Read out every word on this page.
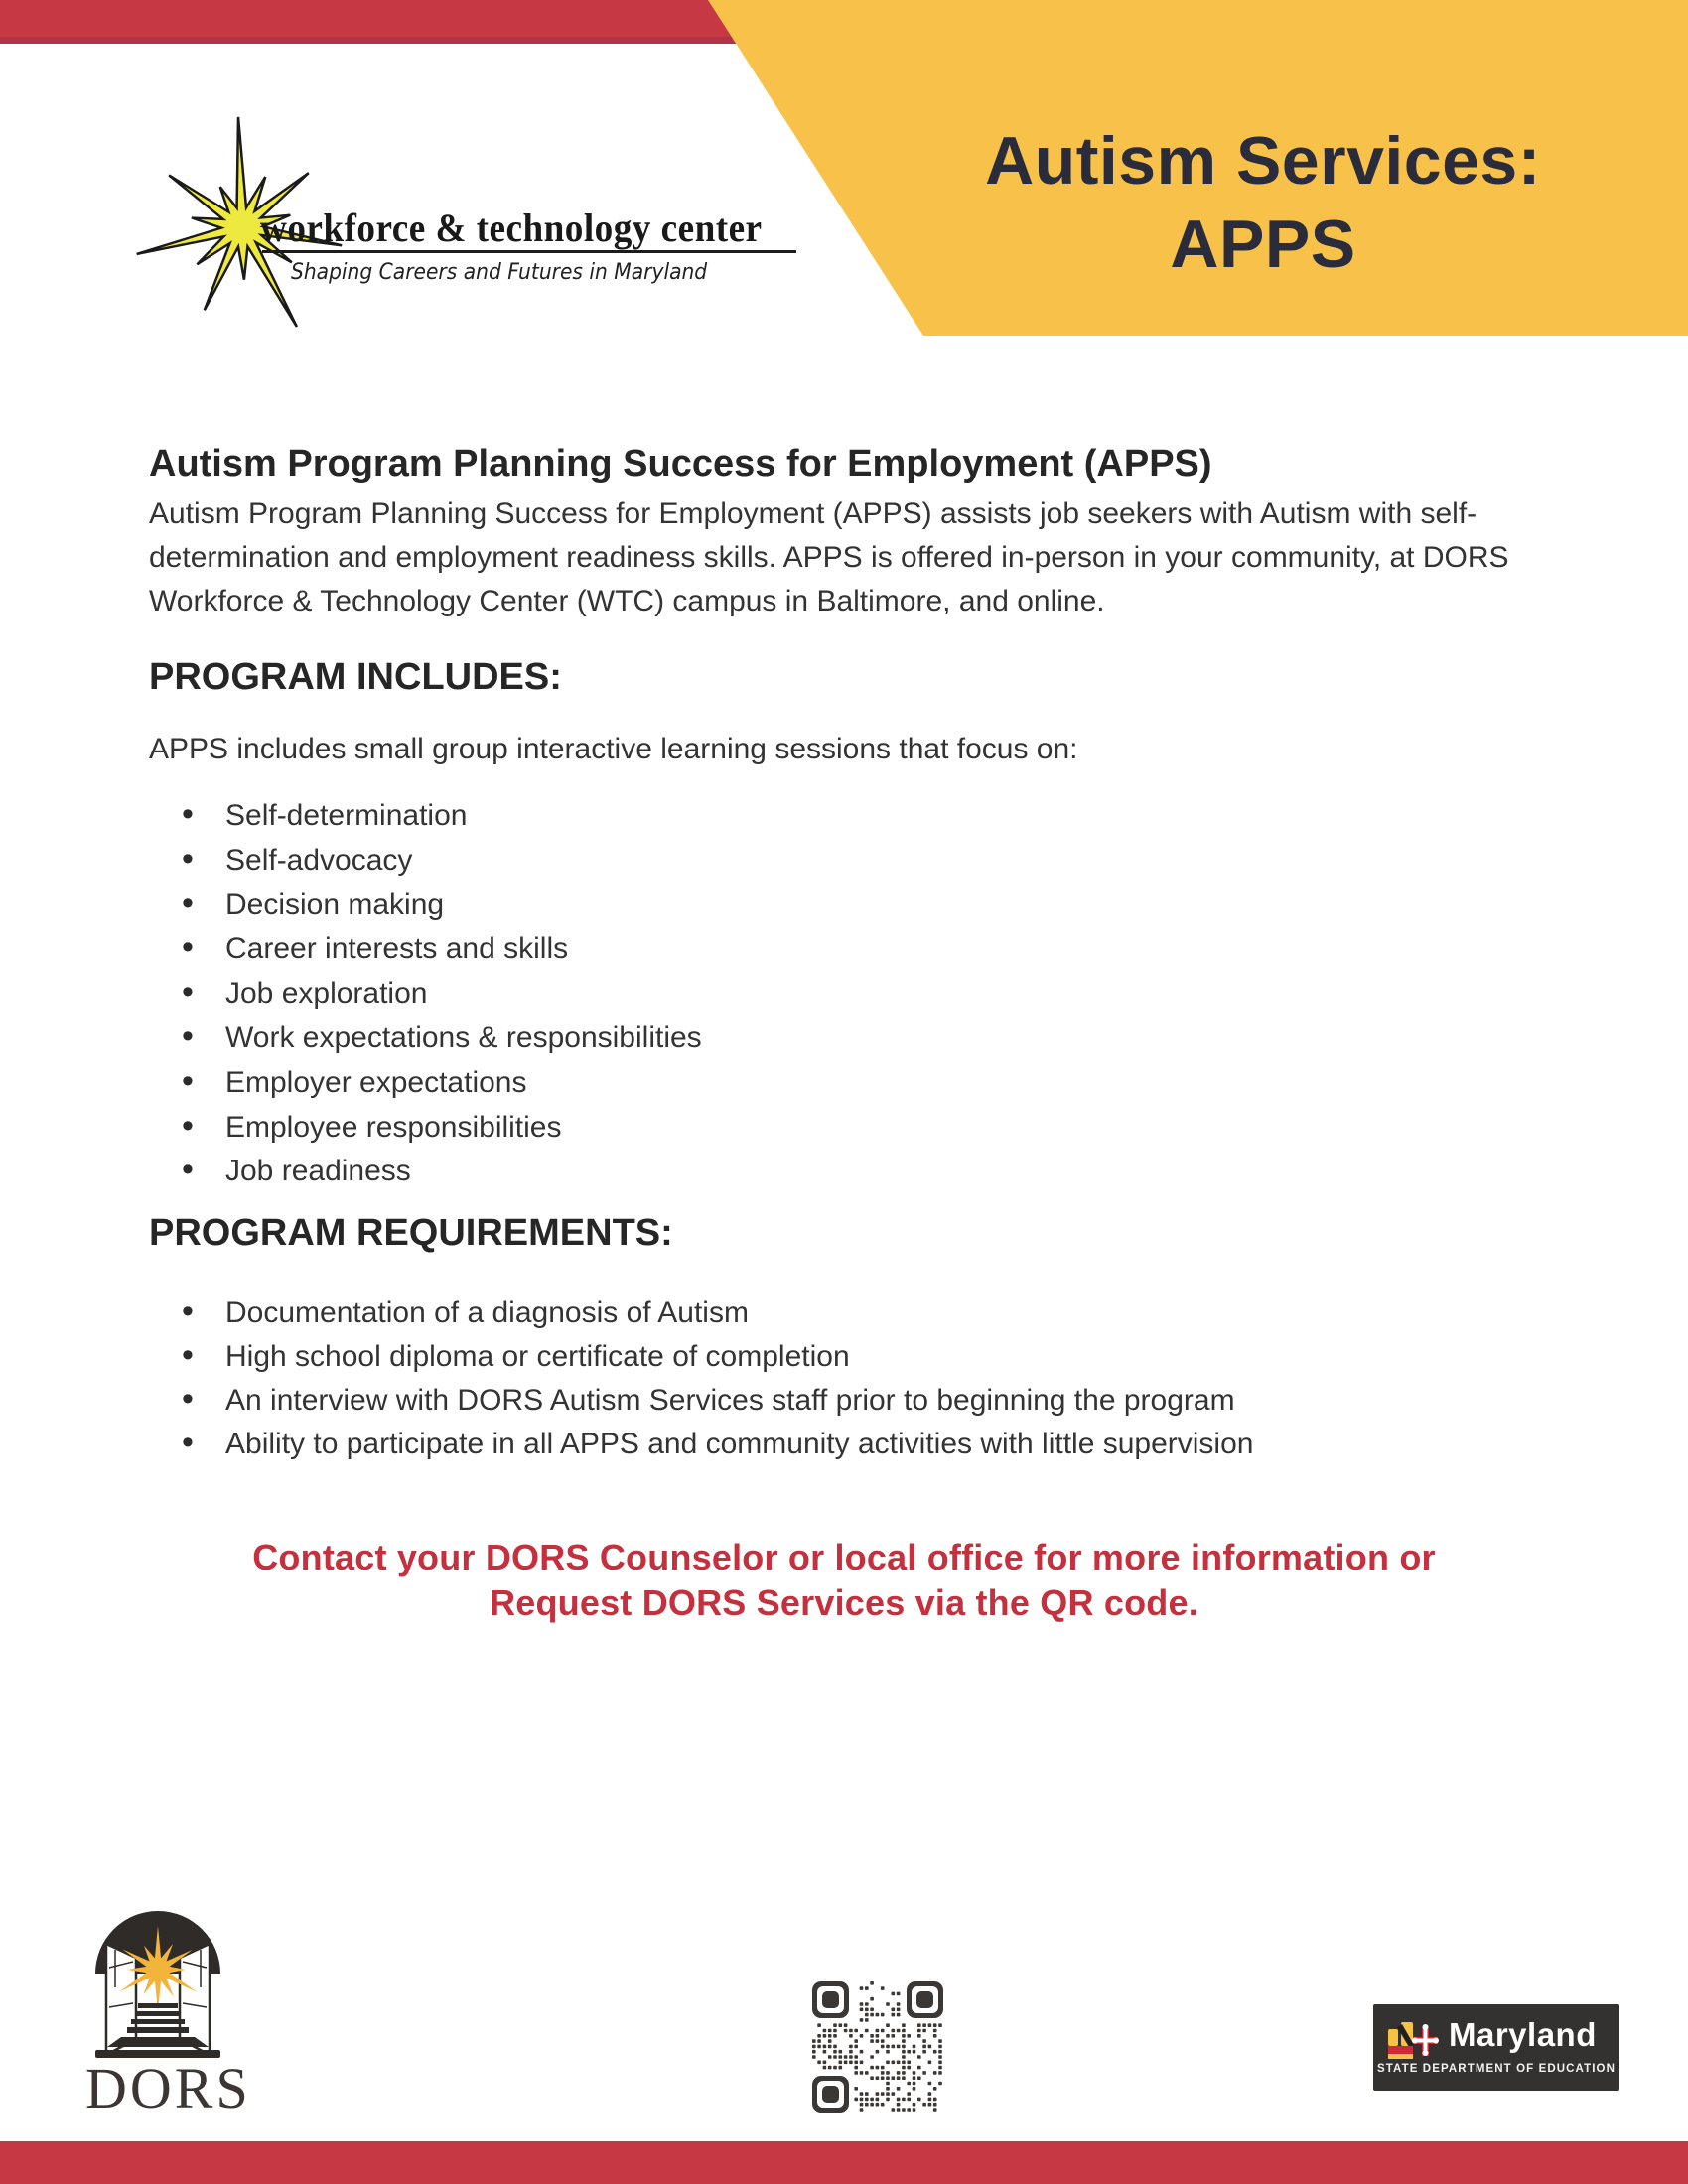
Autism Services:
APPS
workforce & technology center
Shaping Careers and Futures in Maryland
Autism Program Planning Success for Employment (APPS)
Autism Program Planning Success for Employment (APPS) assists job seekers with Autism with self-determination and employment readiness skills. APPS is offered in-person in your community, at DORS Workforce & Technology Center (WTC) campus in Baltimore, and online.
PROGRAM INCLUDES:
APPS includes small group interactive learning sessions that focus on:
• Self-determination
• Self-advocacy
• Decision making
• Career interests and skills
• Job exploration
• Work expectations & responsibilities
• Employer expectations
• Employee responsibilities
• Job readiness
PROGRAM REQUIREMENTS:
• Documentation of a diagnosis of Autism
• High school diploma or certificate of completion
• An interview with DORS Autism Services staff prior to beginning the program
• Ability to participate in all APPS and community activities with little supervision
Contact your DORS Counselor or local office for more information or
Request DORS Services via the QR code.
DORS
Maryland
STATE DEPARTMENT OF EDUCATION
